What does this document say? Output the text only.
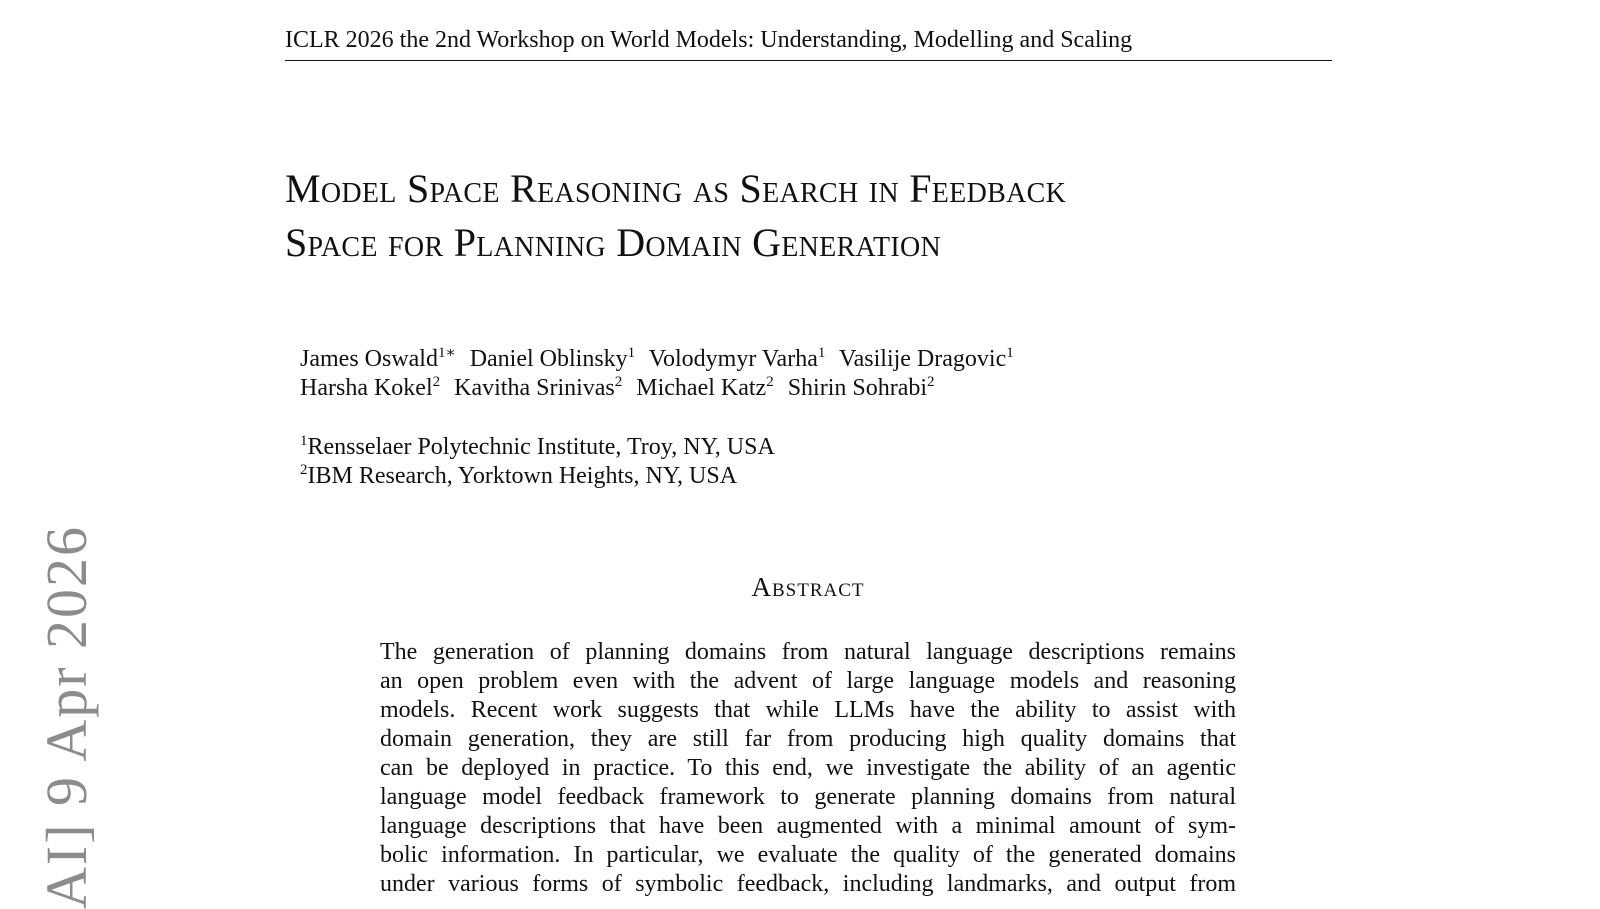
ICLR 2026 the 2nd Workshop on World Models: Understanding, Modelling and Scaling
Model Space Reasoning as Search in Feedback
Space for Planning Domain Generation
James Oswald$^{1∗}$ Daniel Oblinsky$^1$ Volodymyr Varha$^1$ Vasilije Dragovic$^1$
Harsha Kokel$^2$ Kavitha Srinivas$^2$ Michael Katz$^2$ Shirin Sohrabi$^2$
$^1$Rensselaer Polytechnic Institute, Troy, NY, USA
$^2$IBM Research, Yorktown Heights, NY, USA
Abstract
The generation of planning domains from natural language descriptions remains
an open problem even with the advent of large language models and reasoning
models. Recent work suggests that while LLMs have the ability to assist with
domain generation, they are still far from producing high quality domains that
can be deployed in practice. To this end, we investigate the ability of an agentic
language model feedback framework to generate planning domains from natural
language descriptions that have been augmented with a minimal amount of sym-
bolic information. In particular, we evaluate the quality of the generated domains
under various forms of symbolic feedback, including landmarks, and output from
AI] 9 Apr 2026
